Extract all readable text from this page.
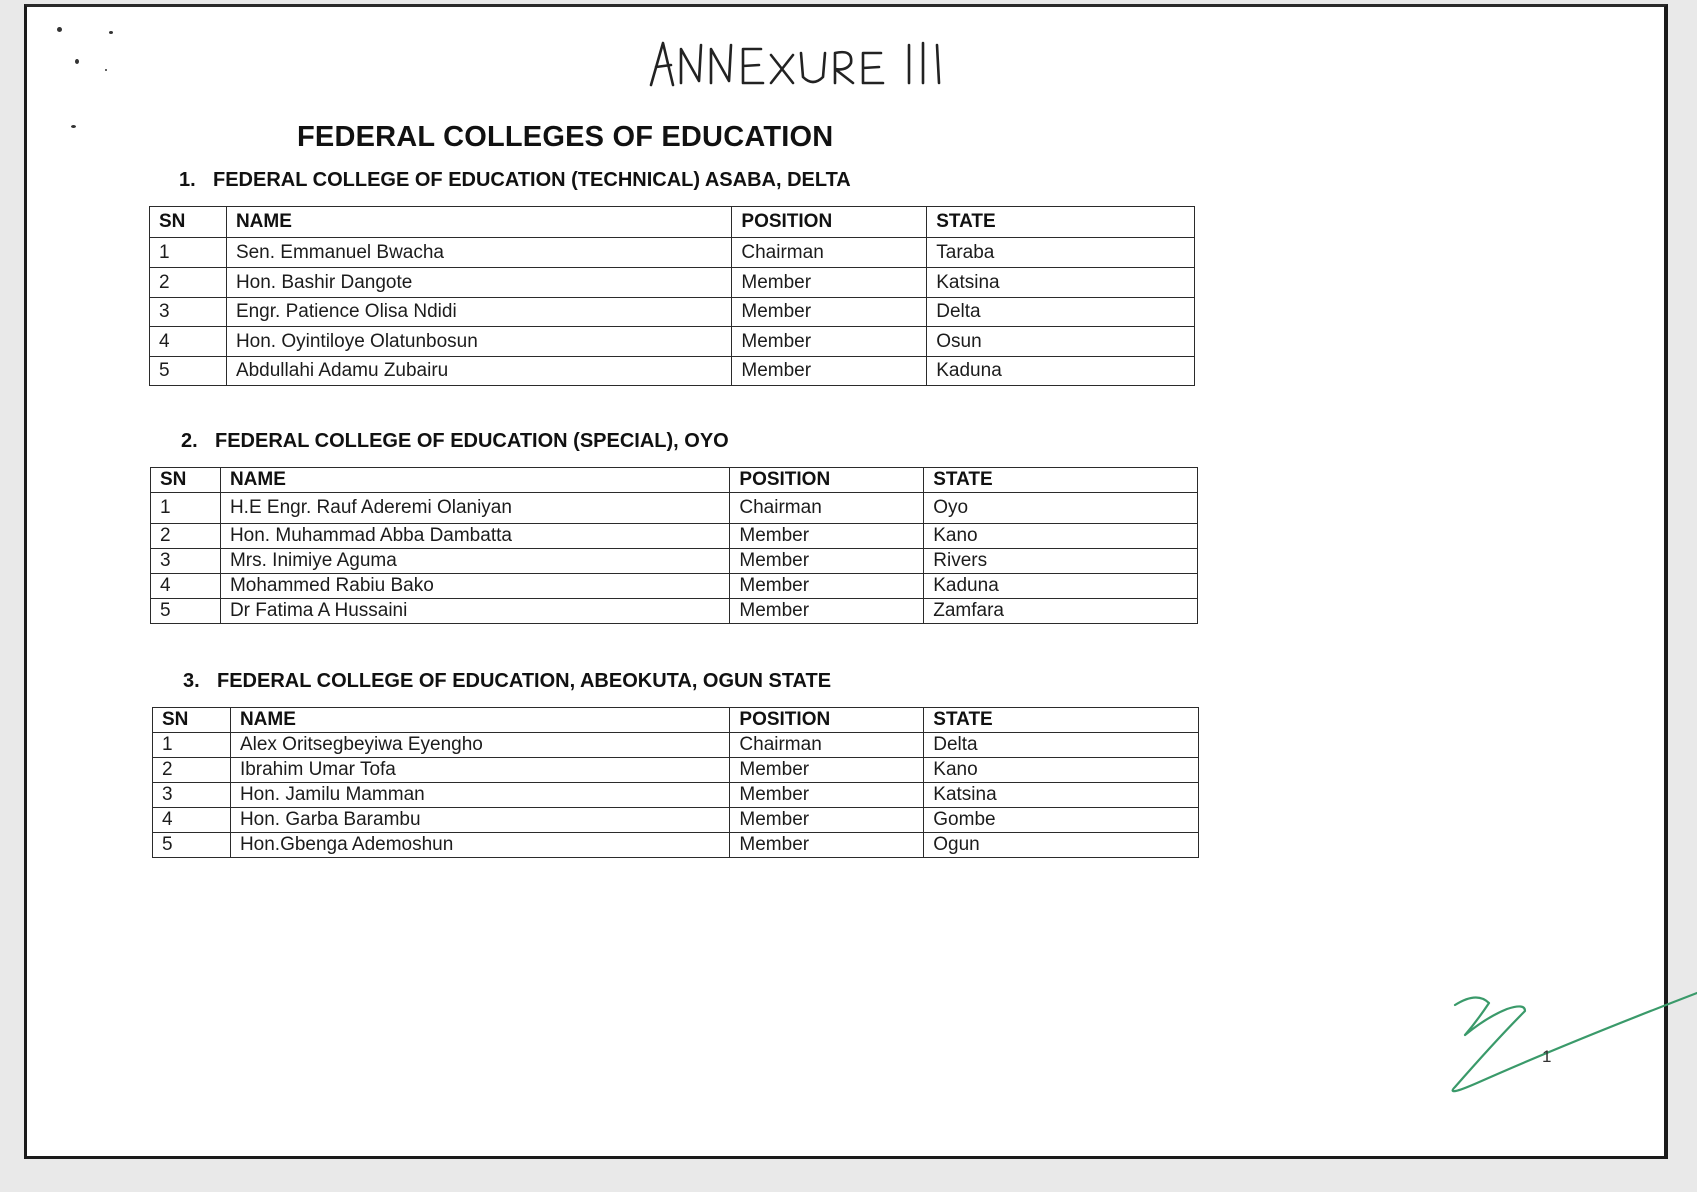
FEDERAL COLLEGES OF EDUCATION
1. FEDERAL COLLEGE OF EDUCATION (TECHNICAL) ASABA, DELTA
SN	NAME	POSITION	STATE
1	Sen. Emmanuel Bwacha	Chairman	Taraba
2	Hon. Bashir Dangote	Member	Katsina
3	Engr. Patience Olisa Ndidi	Member	Delta
4	Hon. Oyintiloye Olatunbosun	Member	Osun
5	Abdullahi Adamu Zubairu	Member	Kaduna
2. FEDERAL COLLEGE OF EDUCATION (SPECIAL), OYO
SN	NAME	POSITION	STATE
1	H.E Engr. Rauf Aderemi Olaniyan	Chairman	Oyo
2	Hon. Muhammad Abba Dambatta	Member	Kano
3	Mrs. Inimiye Aguma	Member	Rivers
4	Mohammed Rabiu Bako	Member	Kaduna
5	Dr Fatima A Hussaini	Member	Zamfara
3. FEDERAL COLLEGE OF EDUCATION, ABEOKUTA, OGUN STATE
SN	NAME	POSITION	STATE
1	Alex Oritsegbeyiwa Eyengho	Chairman	Delta
2	Ibrahim Umar Tofa	Member	Kano
3	Hon. Jamilu Mamman	Member	Katsina
4	Hon. Garba Barambu	Member	Gombe
5	Hon.Gbenga Ademoshun	Member	Ogun
1
